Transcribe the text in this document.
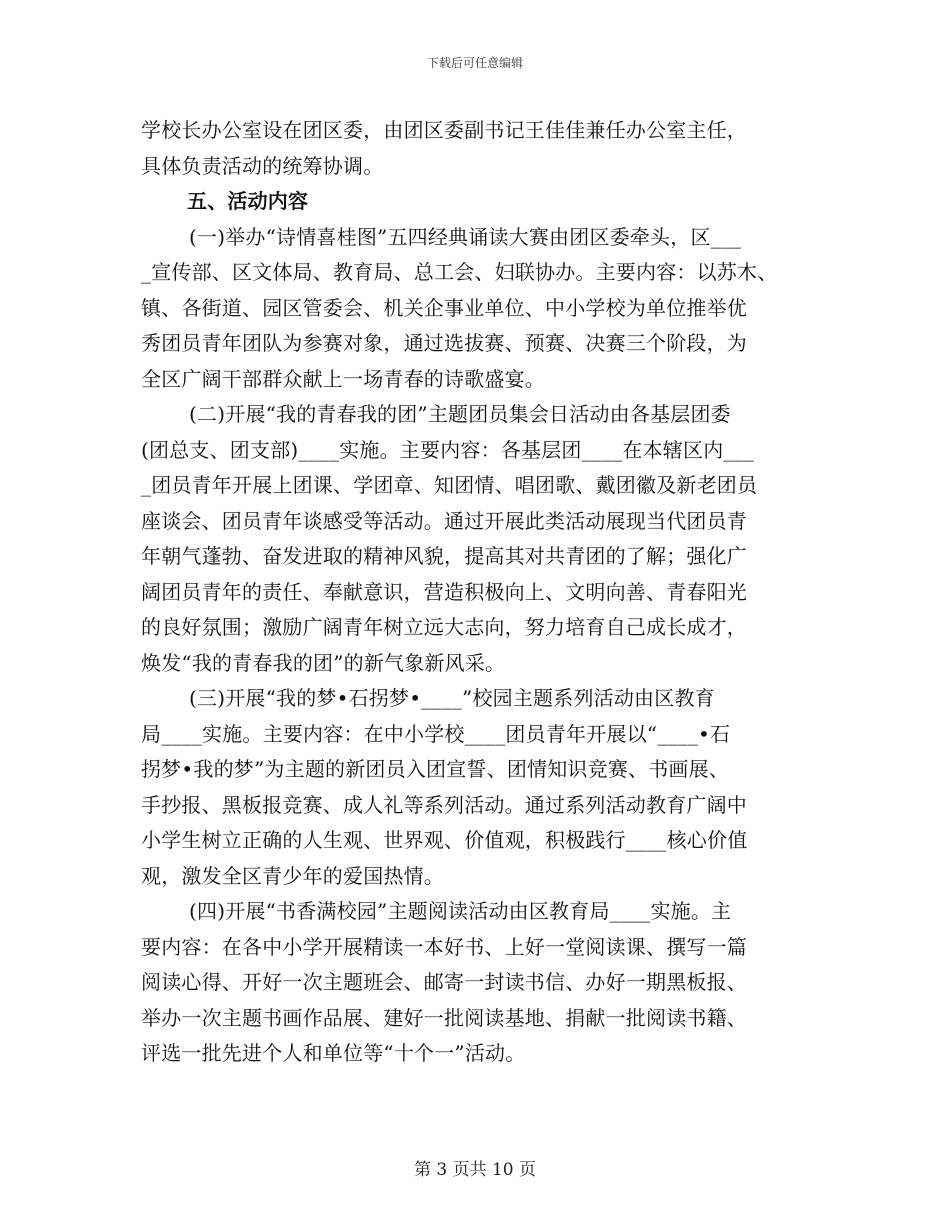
下载后可任意编辑
学校长办公室设在团区委，由团区委副书记王佳佳兼任办公室主任，
具体负责活动的统筹协调。
五、活动内容
(一)举办“诗情喜桂图”五四经典诵读大赛由团区委牵头，区___
_宣传部、区文体局、教育局、总工会、妇联协办。主要内容：以苏木、
镇、各街道、园区管委会、机关企事业单位、中小学校为单位推举优
秀团员青年团队为参赛对象，通过选拔赛、预赛、决赛三个阶段，为
全区广阔干部群众献上一场青春的诗歌盛宴。
(二)开展“我的青春我的团”主题团员集会日活动由各基层团委
(团总支、团支部)____实施。主要内容：各基层团____在本辖区内___
_团员青年开展上团课、学团章、知团情、唱团歌、戴团徽及新老团员
座谈会、团员青年谈感受等活动。通过开展此类活动展现当代团员青
年朝气蓬勃、奋发进取的精神风貌，提高其对共青团的了解；强化广
阔团员青年的责任、奉献意识，营造积极向上、文明向善、青春阳光
的良好氛围；激励广阔青年树立远大志向，努力培育自己成长成才，
焕发“我的青春我的团”的新气象新风采。
(三)开展“我的梦•石拐梦•____”校园主题系列活动由区教育
局____实施。主要内容：在中小学校____团员青年开展以“____•石
拐梦•我的梦”为主题的新团员入团宣誓、团情知识竞赛、书画展、
手抄报、黑板报竞赛、成人礼等系列活动。通过系列活动教育广阔中
小学生树立正确的人生观、世界观、价值观，积极践行____核心价值
观，激发全区青少年的爱国热情。
(四)开展“书香满校园”主题阅读活动由区教育局____实施。主
要内容：在各中小学开展精读一本好书、上好一堂阅读课、撰写一篇
阅读心得、开好一次主题班会、邮寄一封读书信、办好一期黑板报、
举办一次主题书画作品展、建好一批阅读基地、捐献一批阅读书籍、
评选一批先进个人和单位等“十个一”活动。
第 3 页共 10 页
